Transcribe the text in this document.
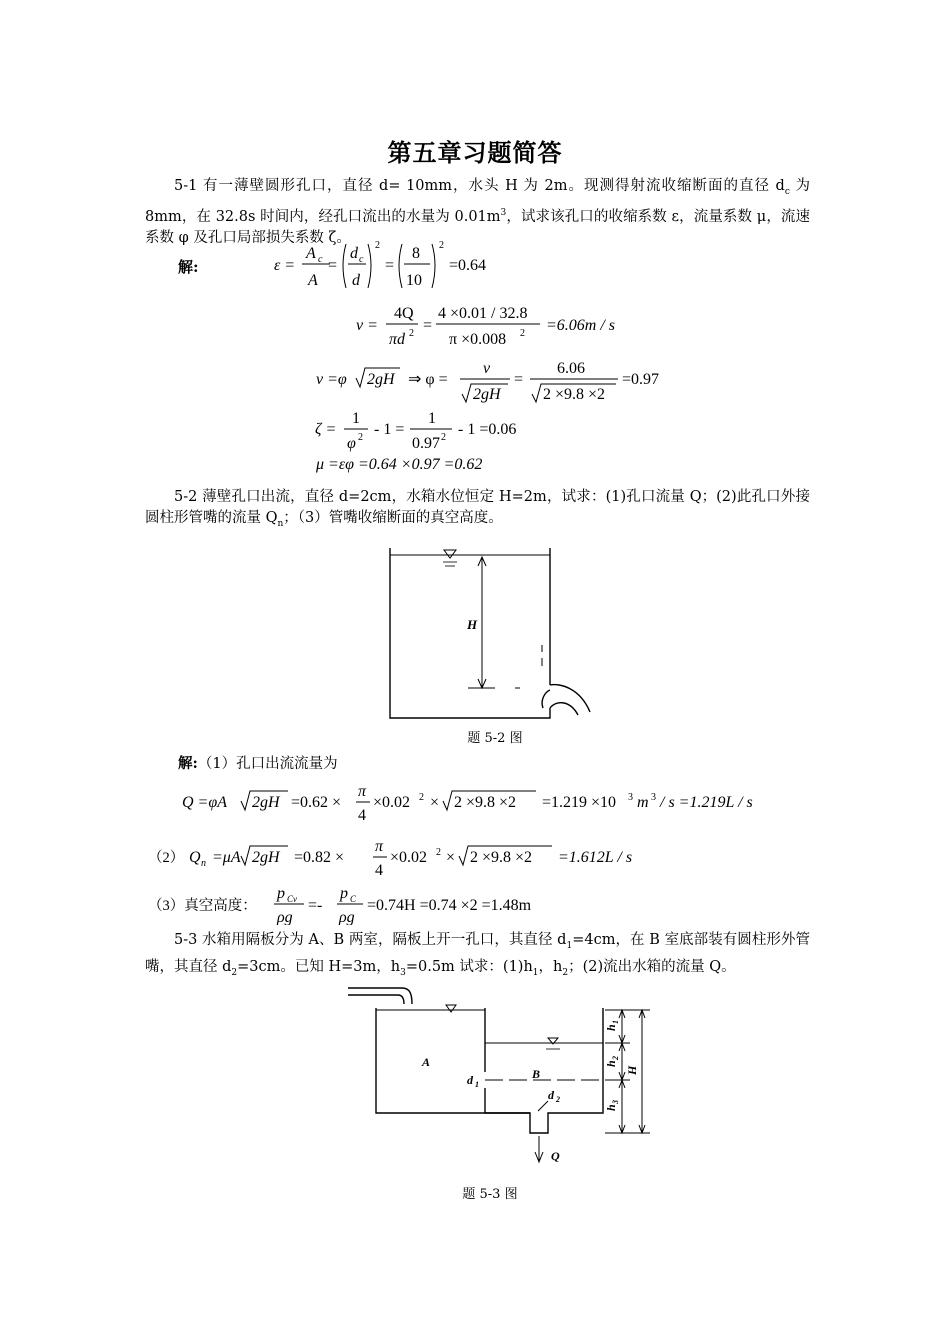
第五章习题简答
5-1 有一薄壁圆形孔口，直径 d= 10mm，水头 H 为 2m。现测得射流收缩断面的直径 $d_c$ 为 8mm，在 32.8s 时间内，经孔口流出的水量为 $0.01m^3$，试求该孔口的收缩系数 ε，流量系数 μ，流速系数 φ 及孔口局部损失系数 ζ。
解:	ε =
A c
A
=
d c
d
2
=
8
10
2
=0.64
v =
4Q
πd 2 =
4 ×0.01 / 32.8
π ×0.008 2 =6.06m / s
v =φ 2gH ⇒ φ =
v
2gH
=
6.06
2 ×9.8 ×2
=0.97
ζ =
1
φ 2 - 1 =
1
0.97 2 - 1 =0.06
μ =εφ =0.64 ×0.97 =0.62
5-2 薄壁孔口出流，直径 d=2cm，水箱水位恒定 H=2m，试求：(1)孔口流量 Q；(2)此孔口外接圆柱形管嘴的流量 $Q_n$；（3）管嘴收缩断面的真空高度。
H
题 5-2 图
解:（1）孔口出流流量为
Q =φA 2gH =0.62 ×
π
4
×0.02 2 × 2 ×9.8 ×2 =1.219 ×10 3 m 3 / s =1.219L / s
（2） Q n =μA 2gH =0.82 ×
π
4
×0.02 2 × 2 ×9.8 ×2 =1.612L / s
（3）真空高度：
p Cv
ρg
=-
p C
ρg
=0.74H =0.74 ×2 =1.48m
5-3 水箱用隔板分为 A、B 两室，隔板上开一孔口，其直径 $d_1=4cm$，在 B 室底部装有圆柱形外管嘴，其直径 $d_2=3cm$。已知 H=3m，$h_3=0.5m$ 试求：$(1)h_1$，$h_2$；(2)流出水箱的流量 Q。
A
B
d 1
d 2
Q
h
1
h
2
h
3
H
题 5-3 图
